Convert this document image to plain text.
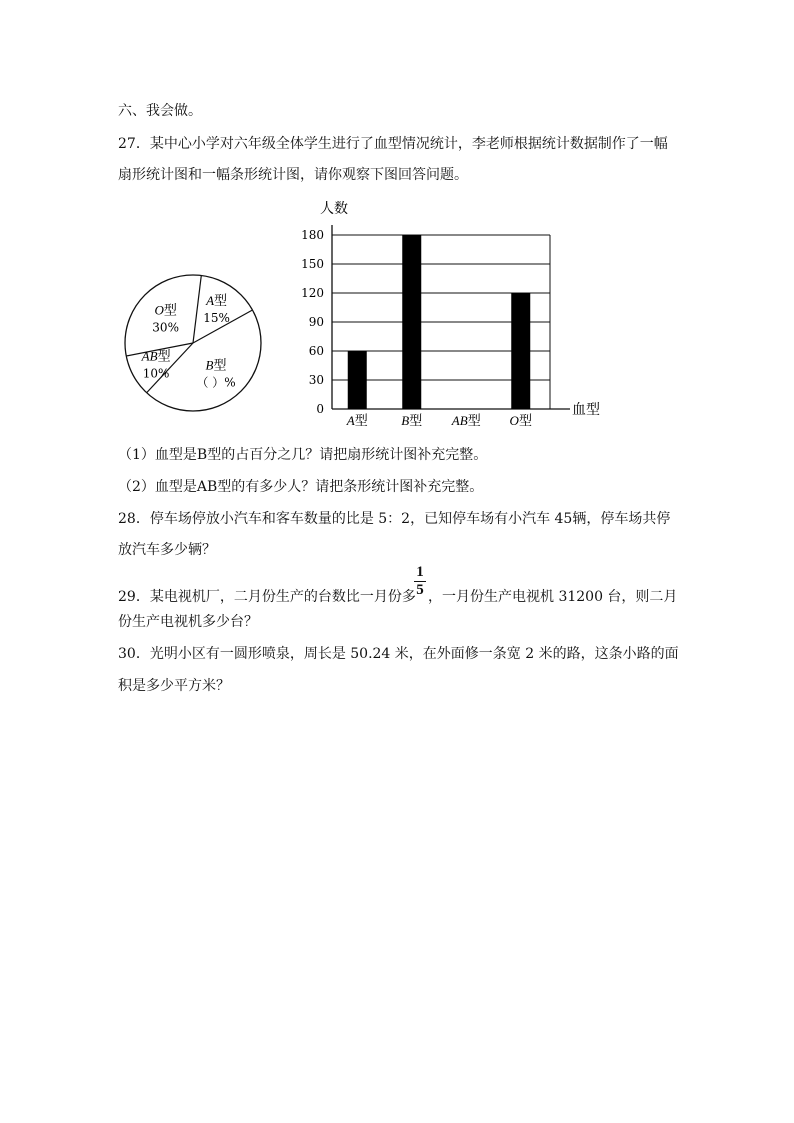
六、我会做。
27．某中心小学对六年级全体学生进行了血型情况统计，李老师根据统计数据制作了一幅
扇形统计图和一幅条形统计图，请你观察下图回答问题。
A型
15%
B型
（ ）%
AB型
10%
O型
30%
0
30
60
90
120
150
180
人数
血型
A型	B型 AB型 O型
（1）血型是B型的占百分之几？请把扇形统计图补充完整。
（2）血型是AB型的有多少人？请把条形统计图补充完整。
28．停车场停放小汽车和客车数量的比是 5：2，已知停车场有小汽车 45辆，停车场共停
放汽车多少辆？
29．某电视机厂，二月份生产的台数比一月份多
1
5 ，一月份生产电视机 31200 台，则二月
份生产电视机多少台？
30．光明小区有一圆形喷泉，周长是 50.24 米，在外面修一条宽 2 米的路，这条小路的面
积是多少平方米？
